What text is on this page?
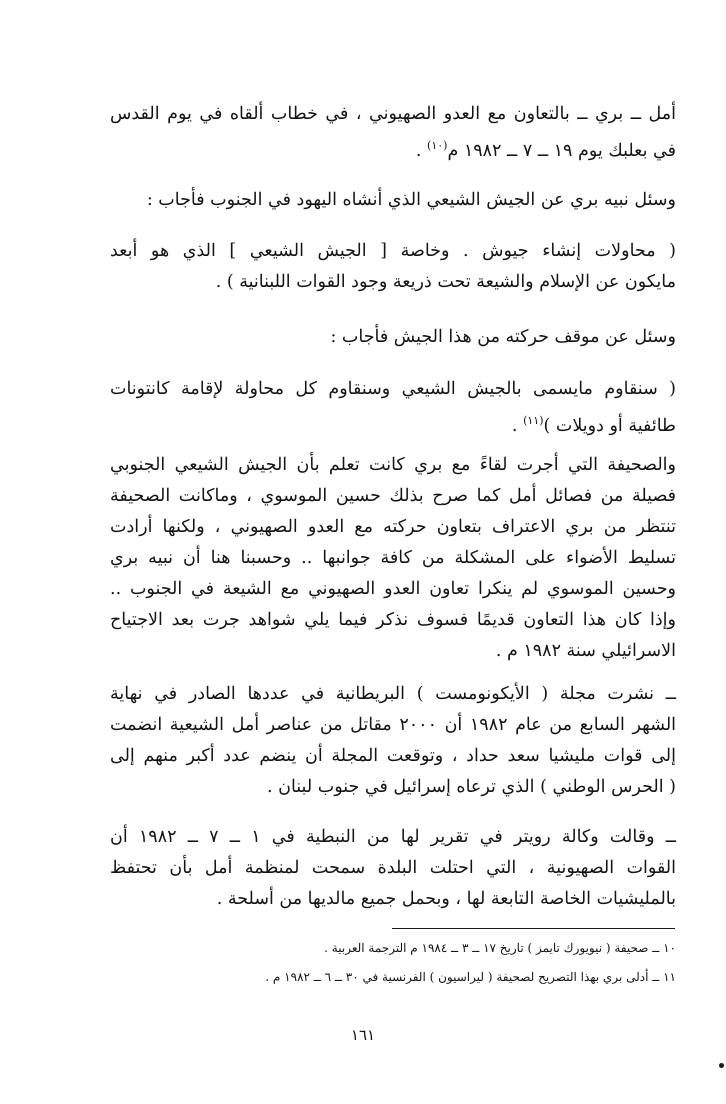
أمل ــ بري ــ بالتعاون مع العدو الصهيوني ، في خطاب ألقاه في يوم القدس
في بعلبك يوم ١٩ ــ ٧ ــ ١٩٨٢ م$^{(١٠)}$ .
وسئل نبيه بري عن الجيش الشيعي الذي أنشاه اليهود في الجنوب فأجاب :
( محاولات إنشاء جيوش . وخاصة [ الجيش الشيعي ] الذي هو أبعد
مايكون عن الإسلام والشيعة تحت ذريعة وجود القوات اللبنانية ) .
وسئل عن موقف حركته من هذا الجيش فأجاب :
( سنقاوم مايسمى بالجيش الشيعي وسنقاوم كل محاولة لإقامة كانتونات
طائفية أو دويلات )$^{(١١)}$ .
والصحيفة التي أجرت لقاءً مع بري كانت تعلم بأن الجيش الشيعي الجنوبي
فصيلة من فصائل أمل كما صرح بذلك حسين الموسوي ، وماكانت الصحيفة
تنتظر من بري الاعتراف بتعاون حركته مع العدو الصهيوني ، ولكنها أرادت
تسليط الأضواء على المشكلة من كافة جوانبها .. وحسبنا هنا أن نبيه بري
وحسين الموسوي لم ينكرا تعاون العدو الصهيوني مع الشيعة في الجنوب ..
وإذا كان هذا التعاون قديمًا فسوف نذكر فيما يلي شواهد جرت بعد الاجتياح
الاسرائيلي سنة ١٩٨٢ م .
ــ نشرت مجلة ( الأيكونومست ) البريطانية في عددها الصادر في نهاية
الشهر السابع من عام ١٩٨٢ أن ٢٠٠٠ مقاتل من عناصر أمل الشيعية انضمت
إلى قوات مليشيا سعد حداد ، وتوقعت المجلة أن ينضم عدد أكبر منهم إلى
( الحرس الوطني ) الذي ترعاه إسرائيل في جنوب لبنان .
ــ وقالت وكالة رويتر في تقرير لها من النبطية في ١ ــ ٧ ــ ١٩٨٢ أن
القوات الصهيونية ، التي احتلت البلدة سمحت لمنظمة أمل بأن تحتفظ
بالمليشيات الخاصة التابعة لها ، وبحمل جميع مالديها من أسلحة .
١٠ ــ صحيفة ( نيويورك تايمز ) تاريخ ١٧ ــ ٣ ــ ١٩٨٤ م الترجمة العربية .
١١ ــ أدلى بري بهذا التصريح لصحيفة ( ليراسيون ) الفرنسية في ٣٠ ــ ٦ ــ ١٩٨٢ م .
١٦١
